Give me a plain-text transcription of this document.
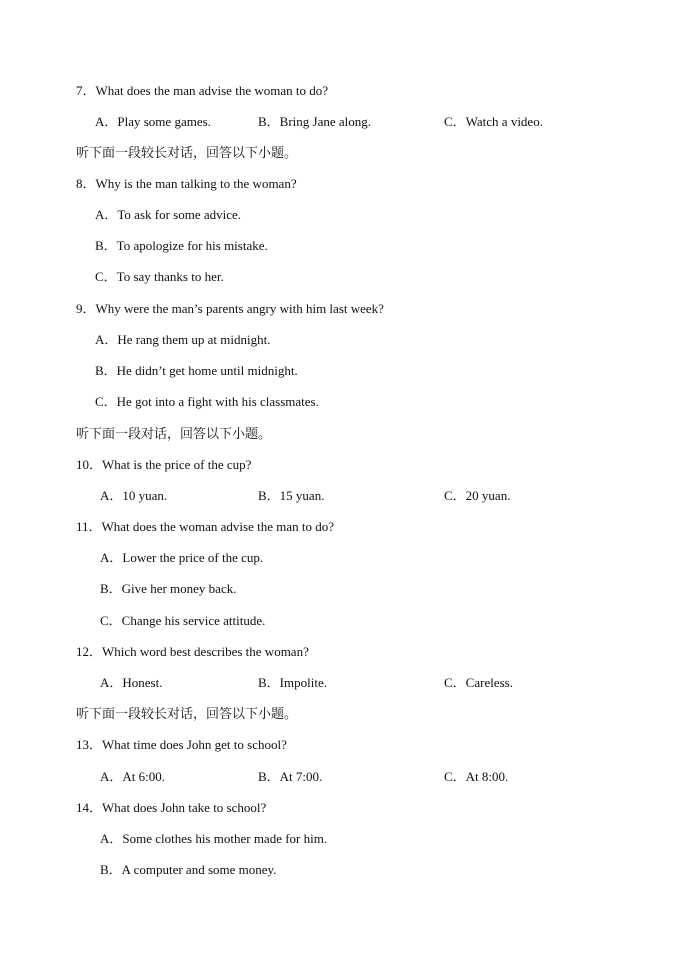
7．What does the man advise the woman to do?
A．Play some games.	B．Bring Jane along.	C．Watch a video.
听下面一段较长对话，回答以下小题。
8．Why is the man talking to the woman?
A．To ask for some advice.
B．To apologize for his mistake.
C．To say thanks to her.
9．Why were the man’s parents angry with him last week?
A．He rang them up at midnight.
B．He didn’t get home until midnight.
C．He got into a fight with his classmates.
听下面一段对话，回答以下小题。
10．What is the price of the cup?
A．10 yuan.	B．15 yuan.	C．20 yuan.
11．What does the woman advise the man to do?
A．Lower the price of the cup.
B．Give her money back.
C．Change his service attitude.
12．Which word best describes the woman?
A．Honest.	B．Impolite.	C．Careless.
听下面一段较长对话，回答以下小题。
13．What time does John get to school?
A．At 6:00.	B．At 7:00.	C．At 8:00.
14．What does John take to school?
A．Some clothes his mother made for him.
B．A computer and some money.
